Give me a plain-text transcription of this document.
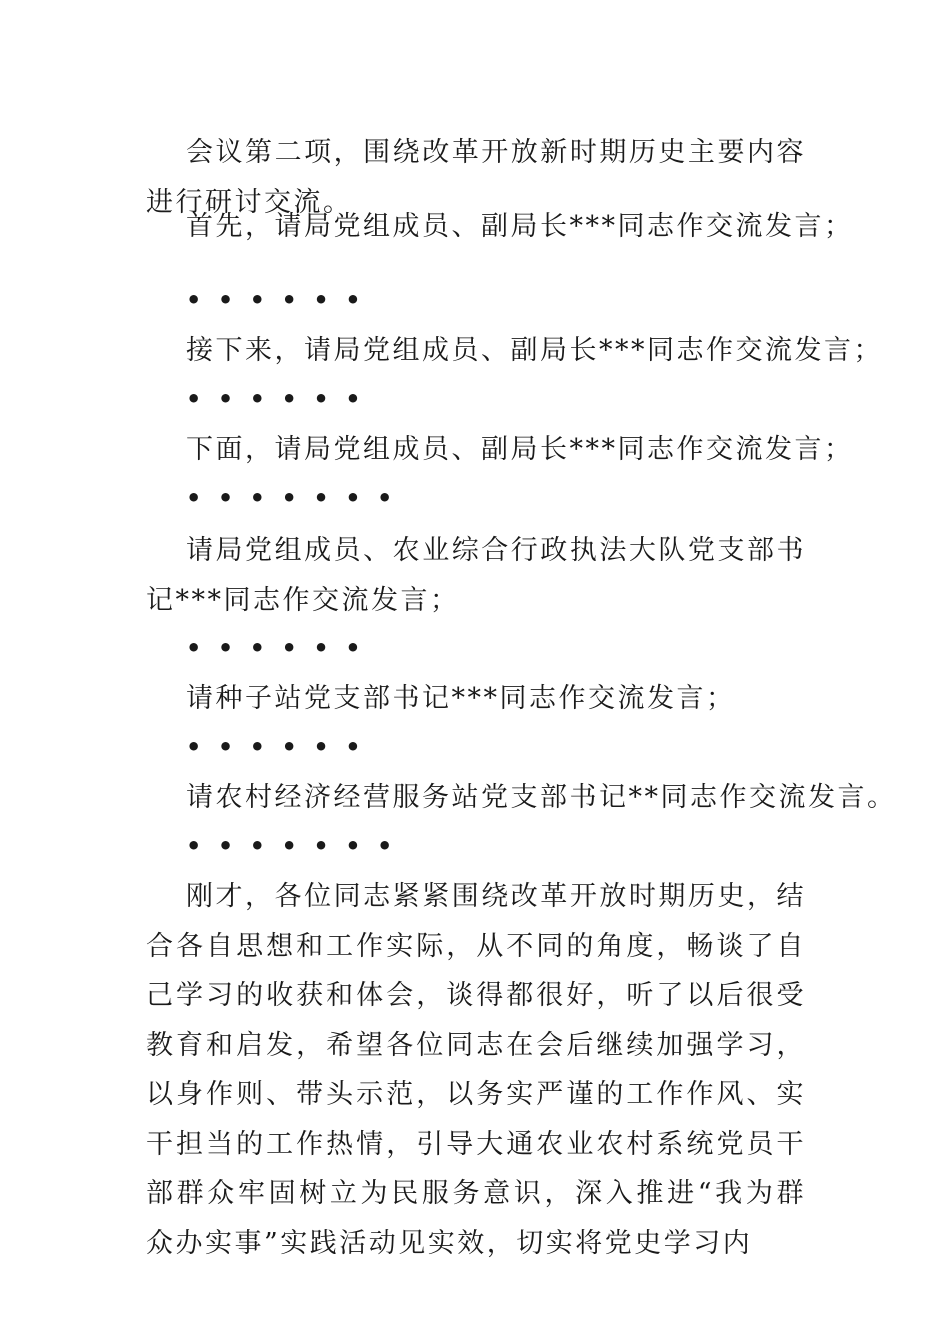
会议第二项，围绕改革开放新时期历史主要内容进行研讨交流。

首先，请局党组成员、副局长***同志作交流发言；

••••••

接下来，请局党组成员、副局长***同志作交流发言；

••••••

下面，请局党组成员、副局长***同志作交流发言；

•••••••

请局党组成员、农业综合行政执法大队党支部书记***同志作交流发言；

••••••

请种子站党支部书记***同志作交流发言；

••••••

请农村经济经营服务站党支部书记**同志作交流发言。

•••••••

刚才，各位同志紧紧围绕改革开放时期历史，结合各自思想和工作实际，从不同的角度，畅谈了自己学习的收获和体会，谈得都很好，听了以后很受教育和启发，希望各位同志在会后继续加强学习，以身作则、带头示范，以务实严谨的工作作风、实干担当的工作热情，引导大通农业农村系统党员干部群众牢固树立为民服务意识，深入推进“我为群众办实事”实践活动见实效，切实将党史学习内
